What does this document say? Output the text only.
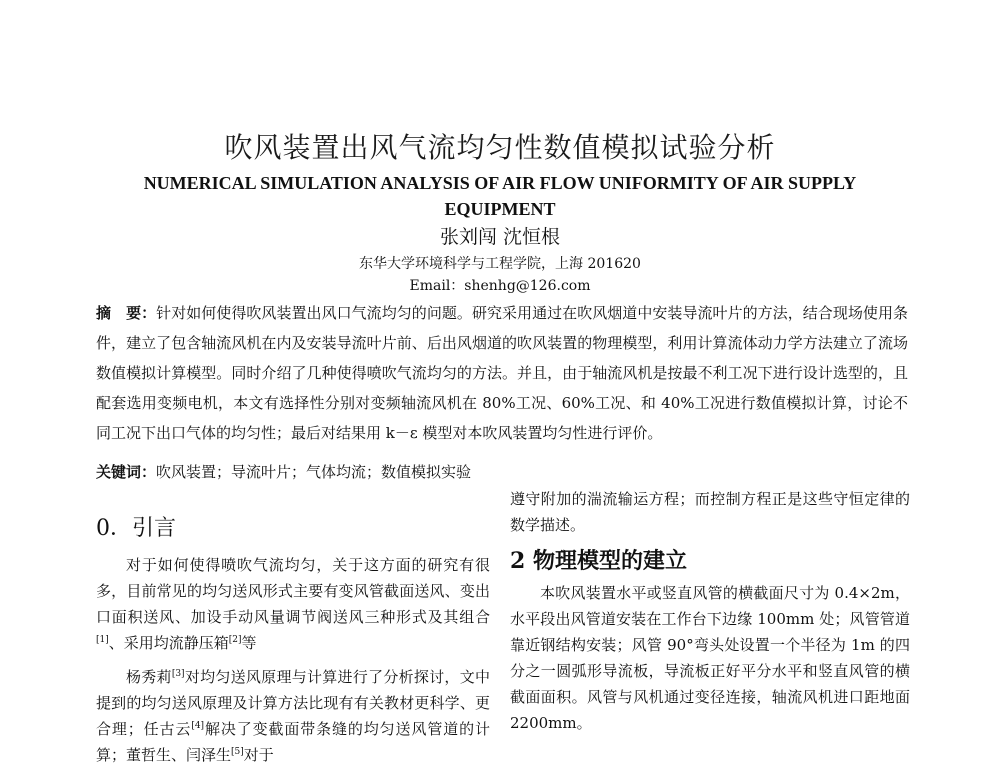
吹风装置出风气流均匀性数值模拟试验分析
NUMERICAL SIMULATION ANALYSIS OF AIR FLOW UNIFORMITY OF AIR SUPPLY EQUIPMENT
张刘闯 沈恒根
东华大学环境科学与工程学院，上海 201620
Email：shenhg@126.com
摘　要：针对如何使得吹风装置出风口气流均匀的问题。研究采用通过在吹风烟道中安装导流叶片的方法，结合现场使用条件，建立了包含轴流风机在内及安装导流叶片前、后出风烟道的吹风装置的物理模型，利用计算流体动力学方法建立了流场数值模拟计算模型。同时介绍了几种使得喷吹气流均匀的方法。并且，由于轴流风机是按最不利工况下进行设计选型的，且配套选用变频电机，本文有选择性分别对变频轴流风机在 80%工况、60%工况、和 40%工况进行数值模拟计算，讨论不同工况下出口气体的均匀性；最后对结果用 k－ε 模型对本吹风装置均匀性进行评价。
关键词：吹风装置；导流叶片；气体均流；数值模拟实验
0．引言

对于如何使得喷吹气流均匀，关于这方面的研究有很多，目前常见的均匀送风形式主要有变风管截面送风、变出口面积送风、加设手动风量调节阀送风三种形式及其组合[1]、采用均流静压箱[2]等

杨秀莉[3]对均匀送风原理与计算进行了分析探讨，文中提到的均匀送风原理及计算方法比现有有关教材更科学、更合理；任古云[4]解决了变截面带条缝的均匀送风管道的计算；董哲生、闫泽生[5]对于

遵守附加的湍流输运方程；而控制方程正是这些守恒定律的数学描述。

2 物理模型的建立

本吹风装置水平或竖直风管的横截面尺寸为 0.4×2m，水平段出风管道安装在工作台下边缘 100mm 处；风管管道靠近钢结构安装；风管 90°弯头处设置一个半径为 1m 的四分之一圆弧形导流板，导流板正好平分水平和竖直风管的横截面面积。风管与风机通过变径连接，轴流风机进口距地面 2200mm。
